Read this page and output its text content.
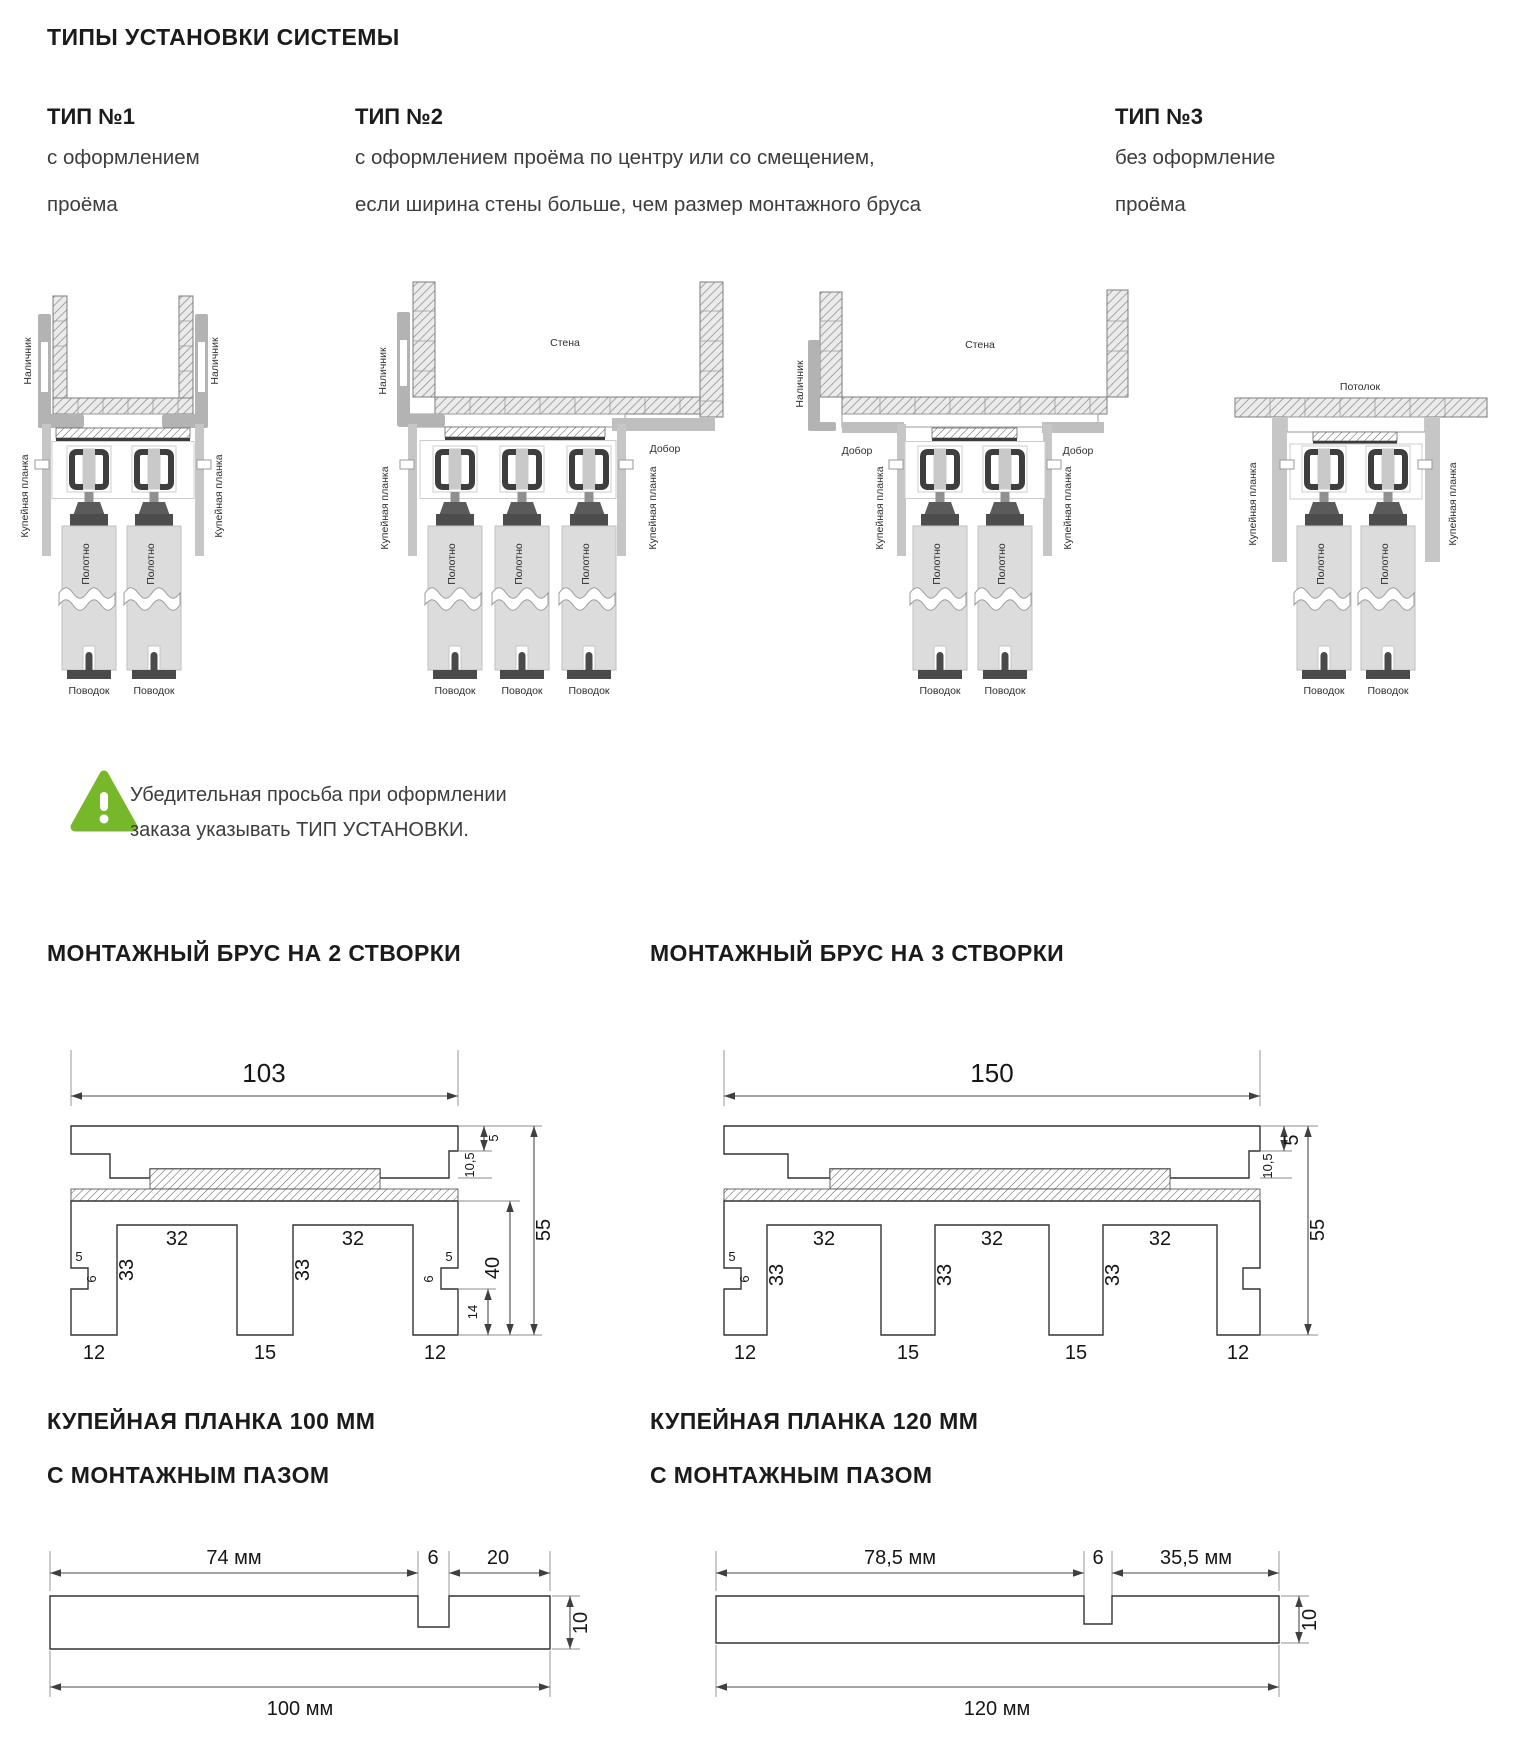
ТИПЫ УСТАНОВКИ СИСТЕМЫ
ТИП №1
с оформлением
проёма
ТИП №2
с оформлением проёма по центру или со смещением,
если ширина стены больше, чем размер монтажного бруса
ТИП №3
без оформление
проёма
Наличник	Наличник
Купейная планка	Купейная планка
Полотно	Полотно
Поводок Поводок
Наличник
Стена
Добор
Купейная планка	Купейная планка
Полотно	Полотно	Полотно
Поводок Поводок Поводок
Наличник
Стена
Добор	Добор
Купейная планка	Купейная планка
Полотно	Полотно
Поводок Поводок
Потолок
Купейная планка	Купейная планка
Полотно	Полотно
Поводок Поводок
Убедительная просьба при оформлении
заказа указывать ТИП УСТАНОВКИ.
МОНТАЖНЫЙ БРУС НА 2 СТВОРКИ	МОНТАЖНЫЙ БРУС НА 3 СТВОРКИ
103
32	32
33	33
5
6
5
6
12	15	12
5
10,5
14
40
55
150
32	32	32
33	33	33
5
6
12	15	15	12
5
10,5
55
КУПЕЙНАЯ ПЛАНКА 100 ММ
С МОНТАЖНЫМ ПАЗОМ
КУПЕЙНАЯ ПЛАНКА 120 ММ
С МОНТАЖНЫМ ПАЗОМ
74 мм	6 20
10
100 мм
78,5 мм	6	35,5 мм
10
120 мм
